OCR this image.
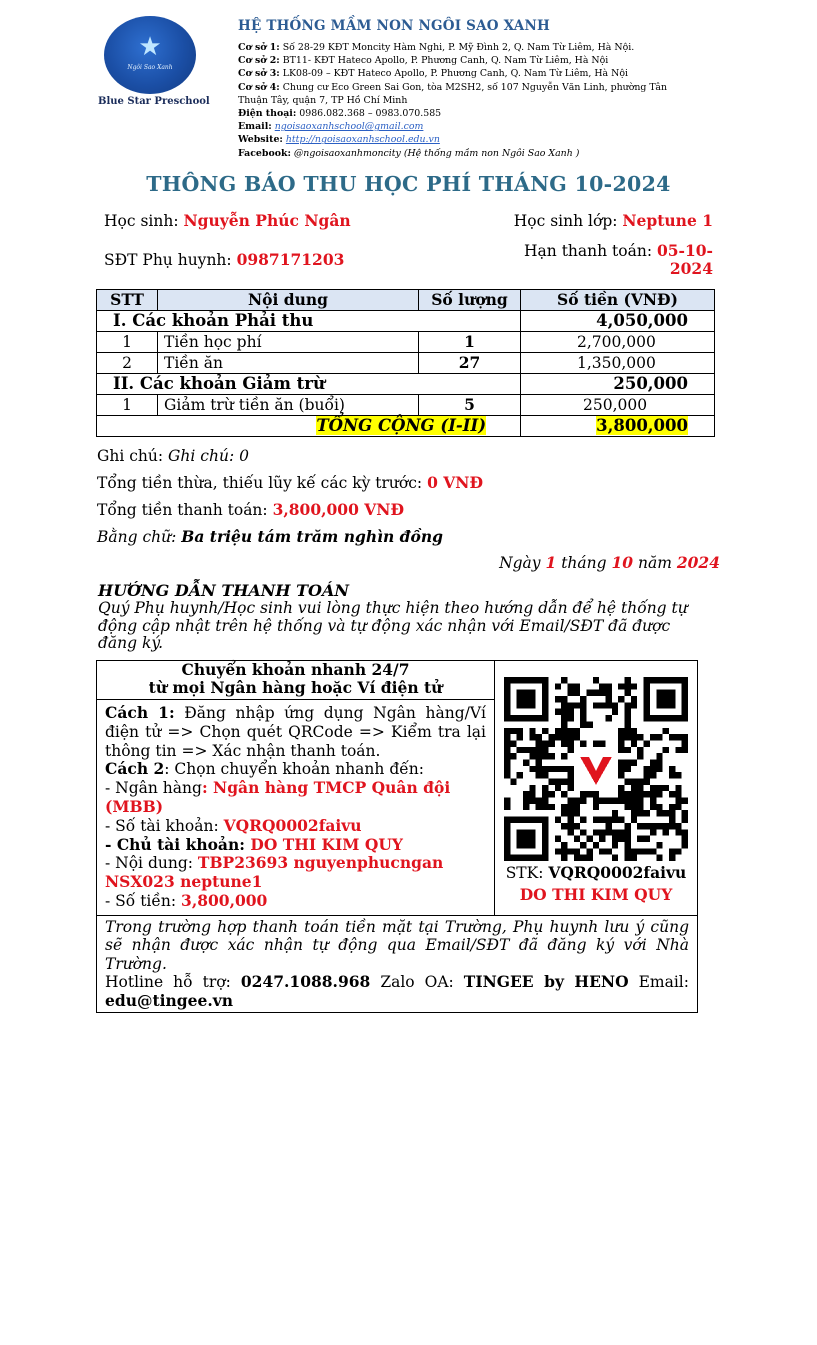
★
Ngôi Sao Xanh
Blue Star Preschool
HỆ THỐNG MẦM NON NGÔI SAO XANH
Cơ sở 1: Số 28-29 KĐT Moncity Hàm Nghi, P. Mỹ Đình 2, Q. Nam Từ Liêm, Hà Nội.
Cơ sở 2: BT11- KĐT Hateco Apollo, P. Phương Canh, Q. Nam Từ Liêm, Hà Nội
Cơ sở 3: LK08-09 – KĐT Hateco Apollo, P. Phương Canh, Q. Nam Từ Liêm, Hà Nội
Cơ sở 4: Chung cư Eco Green Sai Gon, tòa M2SH2, số 107 Nguyễn Văn Linh, phường Tân Thuận Tây, quận 7, TP Hồ Chí Minh
Điện thoại: 0986.082.368 – 0983.070.585
Email: ngoisaoxanhschool@gmail.com
Website: http://ngoisaoxanhschool.edu.vn
Facebook: @ngoisaoxanhmoncity (Hệ thống mầm non Ngôi Sao Xanh )
THÔNG BÁO THU HỌC PHÍ THÁNG 10-2024
Học sinh: Nguyễn Phúc Ngân	Học sinh lớp: Neptune 1
SĐT Phụ huynh: 0987171203	Hạn thanh toán: 05-10-
2024
STT	Nội dung	Số lượng	Số tiền (VNĐ)
I. Các khoản Phải thu			4,050,000
1	Tiền học phí	1	2,700,000
2	Tiền ăn	27	1,350,000
II. Các khoản Giảm trừ			250,000
1	Giảm trừ tiền ăn (buổi)	5	250,000
TỔNG CỘNG (I-II)			3,800,000
Ghi chú: Ghi chú: 0
Tổng tiền thừa, thiếu lũy kế các kỳ trước: 0 VNĐ
Tổng tiền thanh toán: 3,800,000 VNĐ
Bằng chữ: Ba triệu tám trăm nghìn đồng
Ngày 1 tháng 10 năm 2024
HƯỚNG DẪN THANH TOÁN
Quý Phụ huynh/Học sinh vui lòng thực hiện theo hướng dẫn để hệ thống tự động cập nhật trên hệ thống và tự động xác nhận với Email/SĐT đã được đăng ký.
Chuyển khoản nhanh 24/7
từ mọi Ngân hàng hoặc Ví điện tử

STK: VQRQ0002faivu
DO THI KIM QUY

Cách 1: Đăng nhập ứng dụng Ngân hàng/Ví điện tử => Chọn quét QRCode => Kiểm tra lại thông tin => Xác nhận thanh toán.
Cách 2: Chọn chuyển khoản nhanh đến:
- Ngân hàng: Ngân hàng TMCP Quân đội (MBB)
- Số tài khoản: VQRQ0002faivu
- Chủ tài khoản: DO THI KIM QUY
- Nội dung: TBP23693 nguyenphucngan NSX023 neptune1
- Số tiền: 3,800,000

Trong trường hợp thanh toán tiền mặt tại Trường, Phụ huynh lưu ý cũng sẽ nhận được xác nhận tự động qua Email/SĐT đã đăng ký với Nhà Trường.
Hotline hỗ trợ: 0247.1088.968 Zalo OA: TINGEE by HENO Email: edu@tingee.vn
